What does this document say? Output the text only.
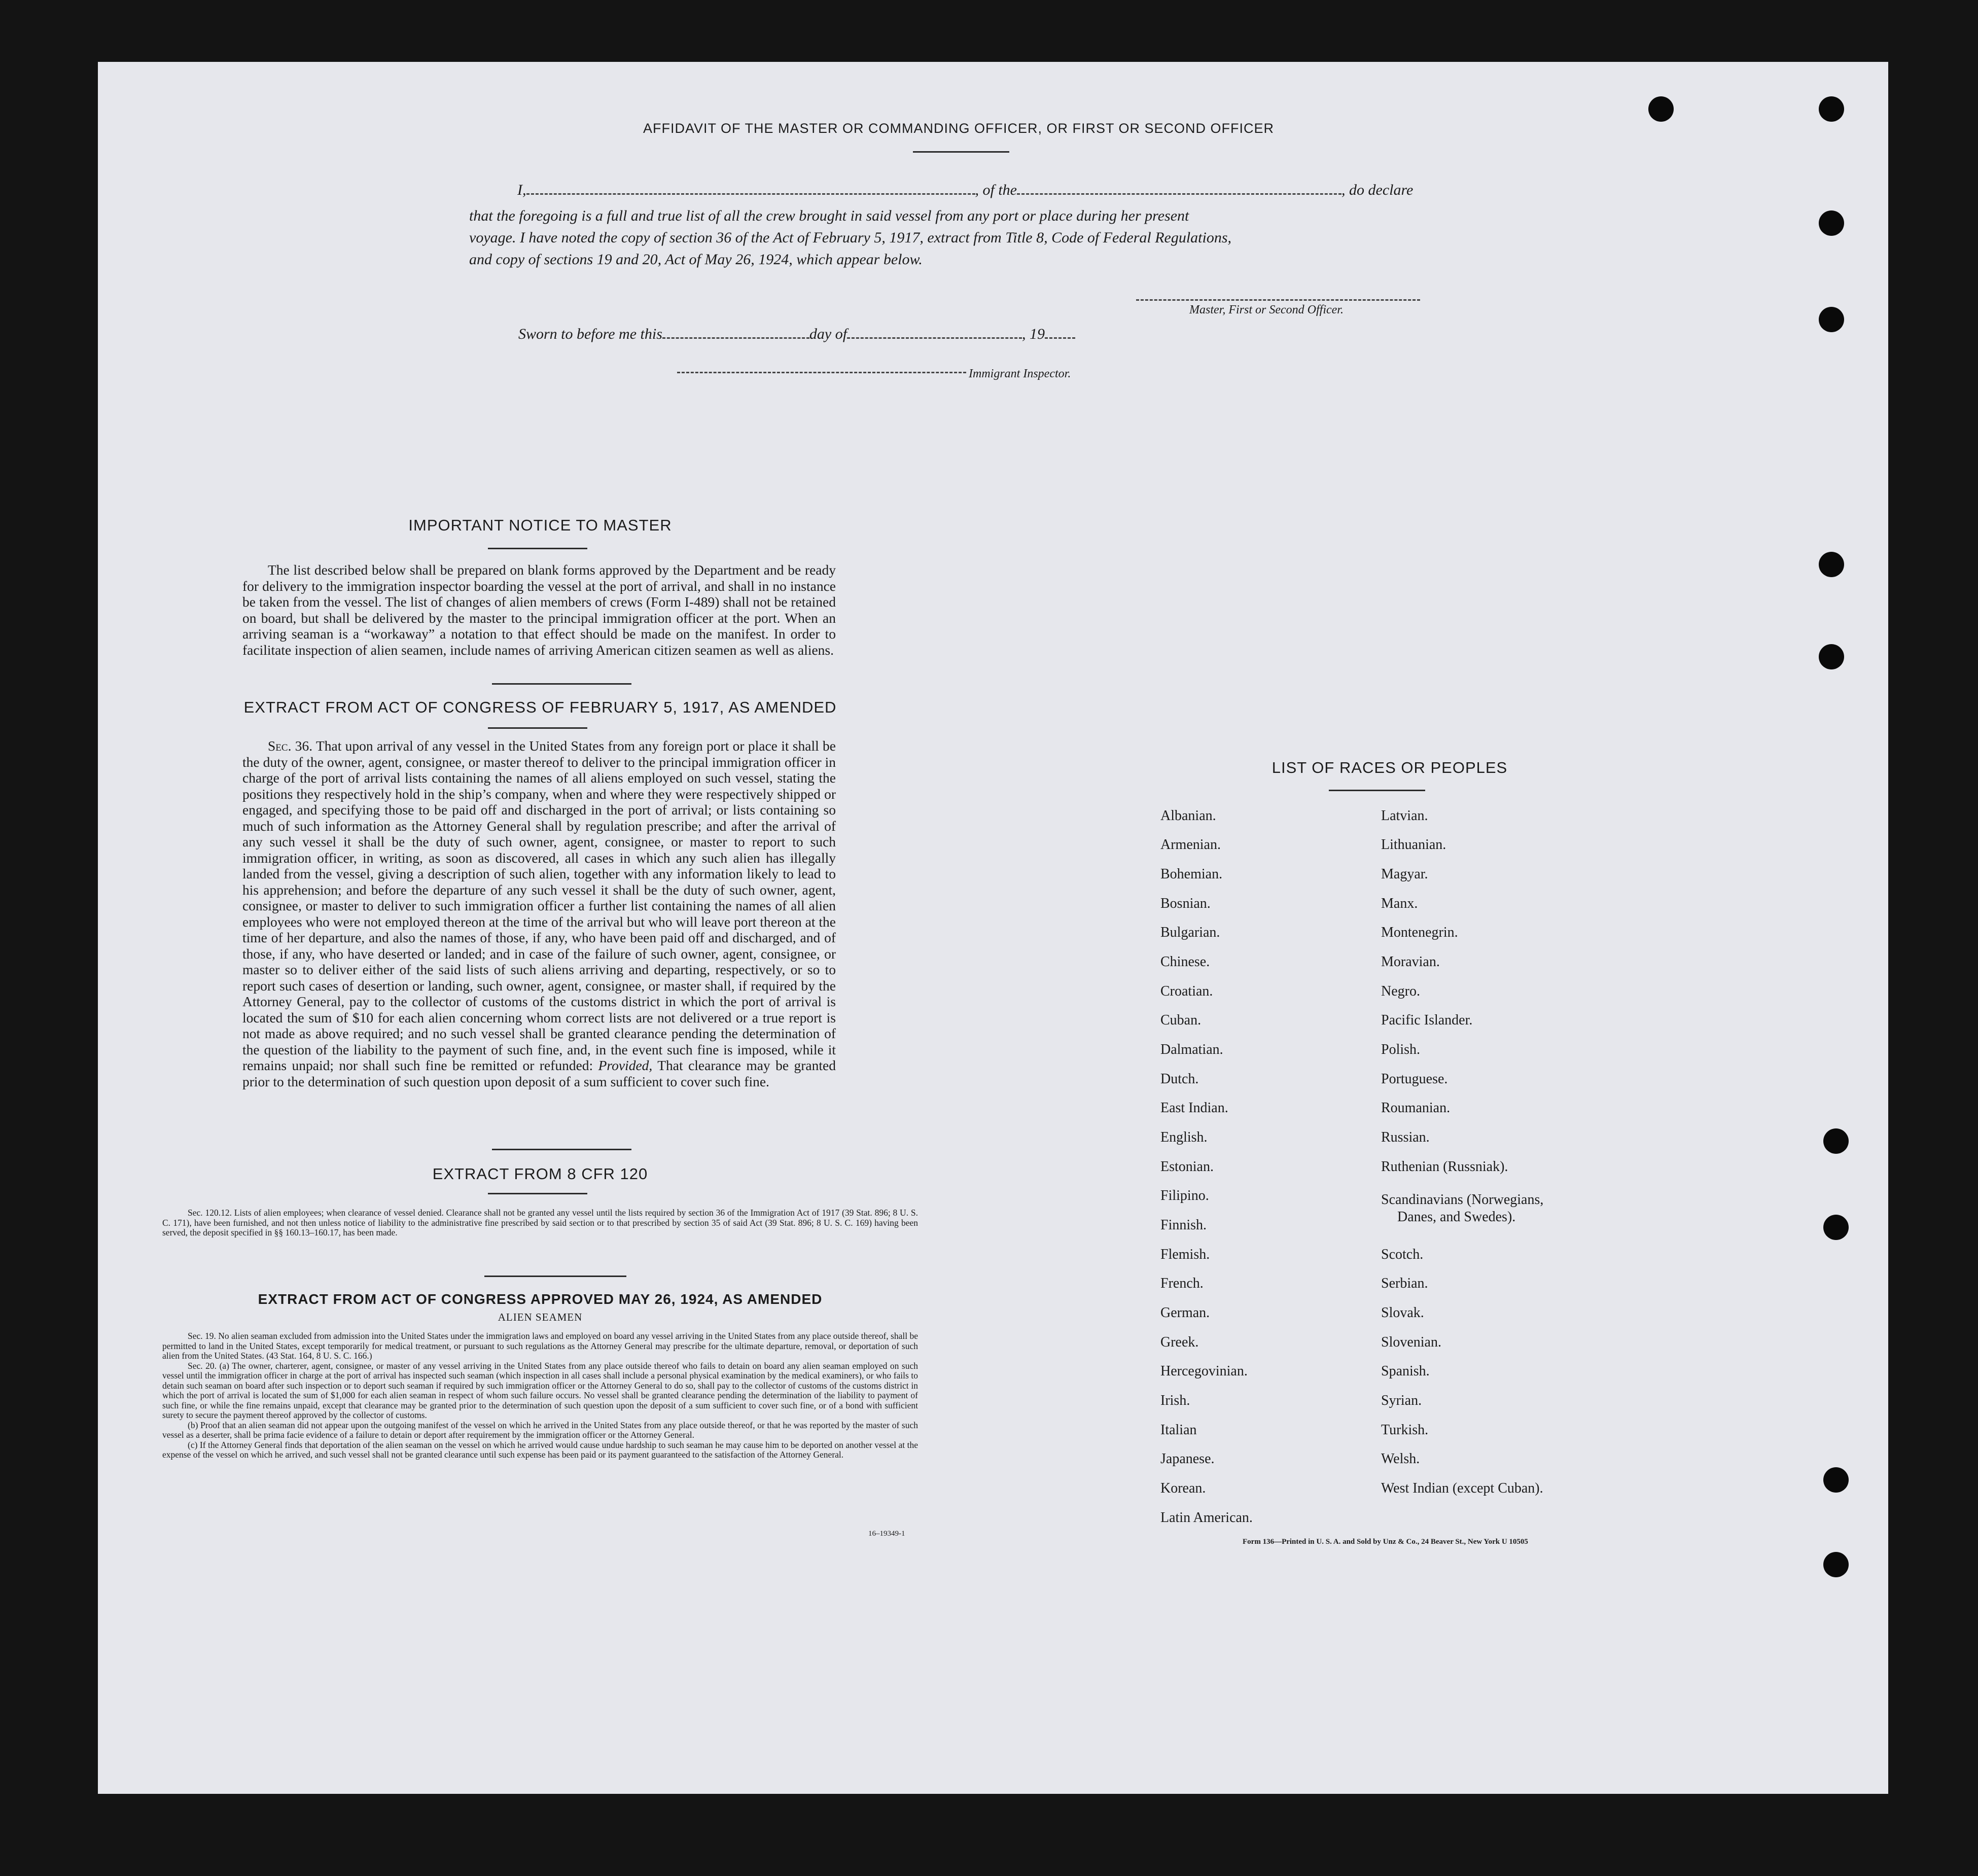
AFFIDAVIT OF THE MASTER OR COMMANDING OFFICER, OR FIRST OR SECOND OFFICER
I,	, of the	, do declare
that the foregoing is a full and true list of all the crew brought in said vessel from any port or place during her present
voyage. I have noted the copy of section 36 of the Act of February 5, 1917, extract from Title 8, Code of Federal Regulations,
and copy of sections 19 and 20, Act of May 26, 1924, which appear below.
Master, First or Second Officer.
Sworn to before me this	day of	, 19
Immigrant Inspector.
IMPORTANT NOTICE TO MASTER

The list described below shall be prepared on blank forms approved by the Department and be ready for delivery to the immigration inspector boarding the vessel at the port of arrival, and shall in no instance be taken from the vessel. The list of changes of alien members of crews (Form I-489) shall not be retained on board, but shall be delivered by the master to the principal immigration officer at the port. When an arriving seaman is a “workaway” a notation to that effect should be made on the manifest. In order to facilitate inspection of alien seamen, include names of arriving American citizen seamen as well as aliens.

EXTRACT FROM ACT OF CONGRESS OF FEBRUARY 5, 1917, AS AMENDED

Sec. 36. That upon arrival of any vessel in the United States from any foreign port or place it shall be the duty of the owner, agent, consignee, or master thereof to deliver to the principal immigration officer in charge of the port of arrival lists containing the names of all aliens employed on such vessel, stating the positions they respectively hold in the ship’s company, when and where they were respectively shipped or engaged, and specifying those to be paid off and discharged in the port of arrival; or lists containing so much of such information as the Attorney General shall by regulation prescribe; and after the arrival of any such vessel it shall be the duty of such owner, agent, consignee, or master to report to such immigration officer, in writing, as soon as discovered, all cases in which any such alien has illegally landed from the vessel, giving a description of such alien, together with any information likely to lead to his apprehension; and before the departure of any such vessel it shall be the duty of such owner, agent, consignee, or master to deliver to such immigration officer a further list containing the names of all alien employees who were not employed thereon at the time of the arrival but who will leave port thereon at the time of her departure, and also the names of those, if any, who have been paid off and discharged, and of those, if any, who have deserted or landed; and in case of the failure of such owner, agent, consignee, or master so to deliver either of the said lists of such aliens arriving and departing, respectively, or so to report such cases of desertion or landing, such owner, agent, consignee, or master shall, if required by the Attorney General, pay to the collector of customs of the customs district in which the port of arrival is located the sum of $10 for each alien concerning whom correct lists are not delivered or a true report is not made as above required; and no such vessel shall be granted clearance pending the determination of the question of the liability to the payment of such fine, and, in the event such fine is imposed, while it remains unpaid; nor shall such fine be remitted or refunded: Provided, That clearance may be granted prior to the determination of such question upon deposit of a sum sufficient to cover such fine.

EXTRACT FROM 8 CFR 120

Sec. 120.12. Lists of alien employees; when clearance of vessel denied. Clearance shall not be granted any vessel until the lists required by section 36 of the Immigration Act of 1917 (39 Stat. 896; 8 U. S. C. 171), have been furnished, and not then unless notice of liability to the administrative fine prescribed by said section or to that prescribed by section 35 of said Act (39 Stat. 896; 8 U. S. C. 169) having been served, the deposit specified in §§ 160.13–160.17, has been made.

EXTRACT FROM ACT OF CONGRESS APPROVED MAY 26, 1924, AS AMENDED
ALIEN SEAMEN

Sec. 19. No alien seaman excluded from admission into the United States under the immigration laws and employed on board any vessel arriving in the United States from any place outside thereof, shall be permitted to land in the United States, except temporarily for medical treatment, or pursuant to such regulations as the Attorney General may prescribe for the ultimate departure, removal, or deportation of such alien from the United States. (43 Stat. 164, 8 U. S. C. 166.)

Sec. 20. (a) The owner, charterer, agent, consignee, or master of any vessel arriving in the United States from any place outside thereof who fails to detain on board any alien seaman employed on such vessel until the immigration officer in charge at the port of arrival has inspected such seaman (which inspection in all cases shall include a personal physical examination by the medical examiners), or who fails to detain such seaman on board after such inspection or to deport such seaman if required by such immigration officer or the Attorney General to do so, shall pay to the collector of customs of the customs district in which the port of arrival is located the sum of $1,000 for each alien seaman in respect of whom such failure occurs. No vessel shall be granted clearance pending the determination of the liability to payment of such fine, or while the fine remains unpaid, except that clearance may be granted prior to the determination of such question upon the deposit of a sum sufficient to cover such fine, or of a bond with sufficient surety to secure the payment thereof approved by the collector of customs.

(b) Proof that an alien seaman did not appear upon the outgoing manifest of the vessel on which he arrived in the United States from any place outside thereof, or that he was reported by the master of such vessel as a deserter, shall be prima facie evidence of a failure to detain or deport after requirement by the immigration officer or the Attorney General.

(c) If the Attorney General finds that deportation of the alien seaman on the vessel on which he arrived would cause undue hardship to such seaman he may cause him to be deported on another vessel at the expense of the vessel on which he arrived, and such vessel shall not be granted clearance until such expense has been paid or its payment guaranteed to the satisfaction of the Attorney General.

16–19349-1
LIST OF RACES OR PEOPLES
Albanian.
Armenian.
Bohemian.
Bosnian.
Bulgarian.
Chinese.
Croatian.
Cuban.
Dalmatian.
Dutch.
East Indian.
English.
Estonian.
Filipino.
Finnish.
Flemish.
French.
German.
Greek.
Hercegovinian.
Irish.
Italian
Japanese.
Korean.
Latin American.
Latvian.
Lithuanian.
Magyar.
Manx.
Montenegrin.
Moravian.
Negro.
Pacific Islander.
Polish.
Portuguese.
Roumanian.
Russian.
Ruthenian (Russniak).
Scandinavians (Norwegians,
Danes, and Swedes).
Scotch.
Serbian.
Slovak.
Slovenian.
Spanish.
Syrian.
Turkish.
Welsh.
West Indian (except Cuban).
Form 136—Printed in U. S. A. and Sold by Unz & Co., 24 Beaver St., New York U 10505
